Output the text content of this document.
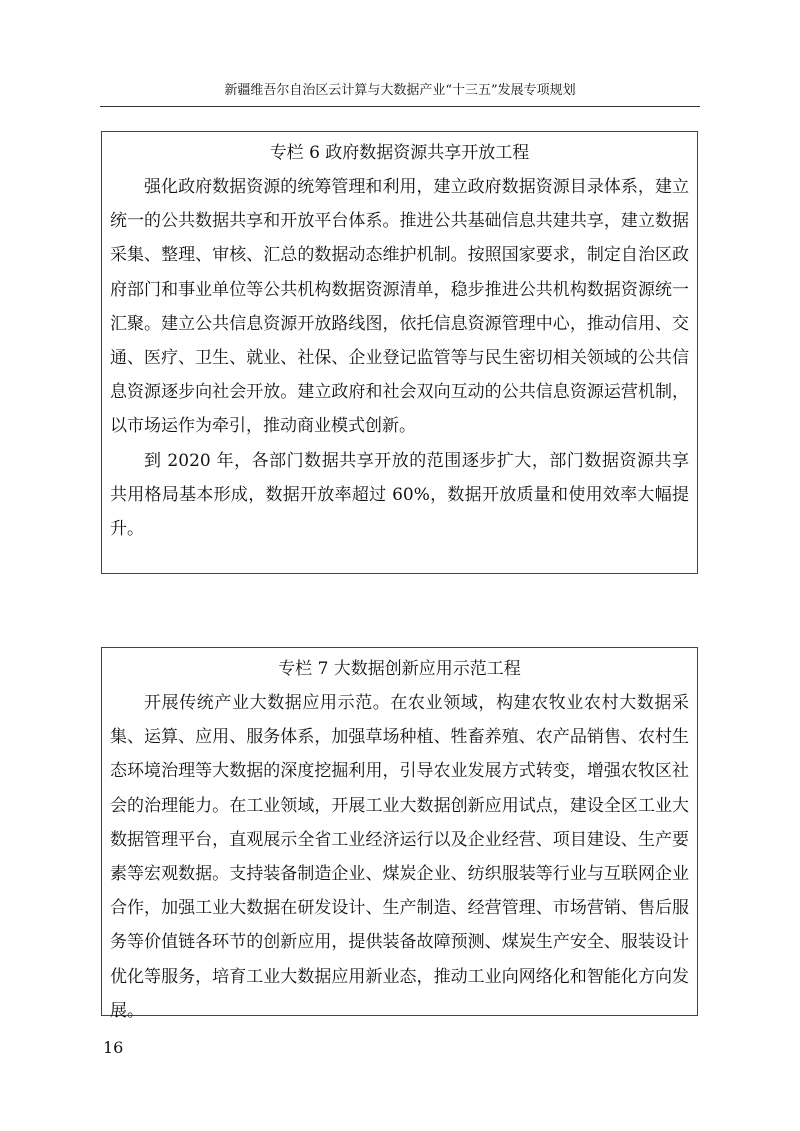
新疆维吾尔自治区云计算与大数据产业“十三五”发展专项规划
专栏 6 政府数据资源共享开放工程

强化政府数据资源的统筹管理和利用，建立政府数据资源目录体系，建立统一的公共数据共享和开放平台体系。推进公共基础信息共建共享，建立数据采集、整理、审核、汇总的数据动态维护机制。按照国家要求，制定自治区政府部门和事业单位等公共机构数据资源清单，稳步推进公共机构数据资源统一汇聚。建立公共信息资源开放路线图，依托信息资源管理中心，推动信用、交通、医疗、卫生、就业、社保、企业登记监管等与民生密切相关领域的公共信息资源逐步向社会开放。建立政府和社会双向互动的公共信息资源运营机制，以市场运作为牵引，推动商业模式创新。

到 2020 年，各部门数据共享开放的范围逐步扩大，部门数据资源共享共用格局基本形成，数据开放率超过 60%，数据开放质量和使用效率大幅提升。

专栏 7 大数据创新应用示范工程

开展传统产业大数据应用示范。在农业领域，构建农牧业农村大数据采集、运算、应用、服务体系，加强草场种植、牲畜养殖、农产品销售、农村生态环境治理等大数据的深度挖掘利用，引导农业发展方式转变，增强农牧区社会的治理能力。在工业领域，开展工业大数据创新应用试点，建设全区工业大数据管理平台，直观展示全省工业经济运行以及企业经营、项目建设、生产要素等宏观数据。支持装备制造企业、煤炭企业、纺织服装等行业与互联网企业合作，加强工业大数据在研发设计、生产制造、经营管理、市场营销、售后服务等价值链各环节的创新应用，提供装备故障预测、煤炭生产安全、服装设计优化等服务，培育工业大数据应用新业态，推动工业向网络化和智能化方向发展。

16
